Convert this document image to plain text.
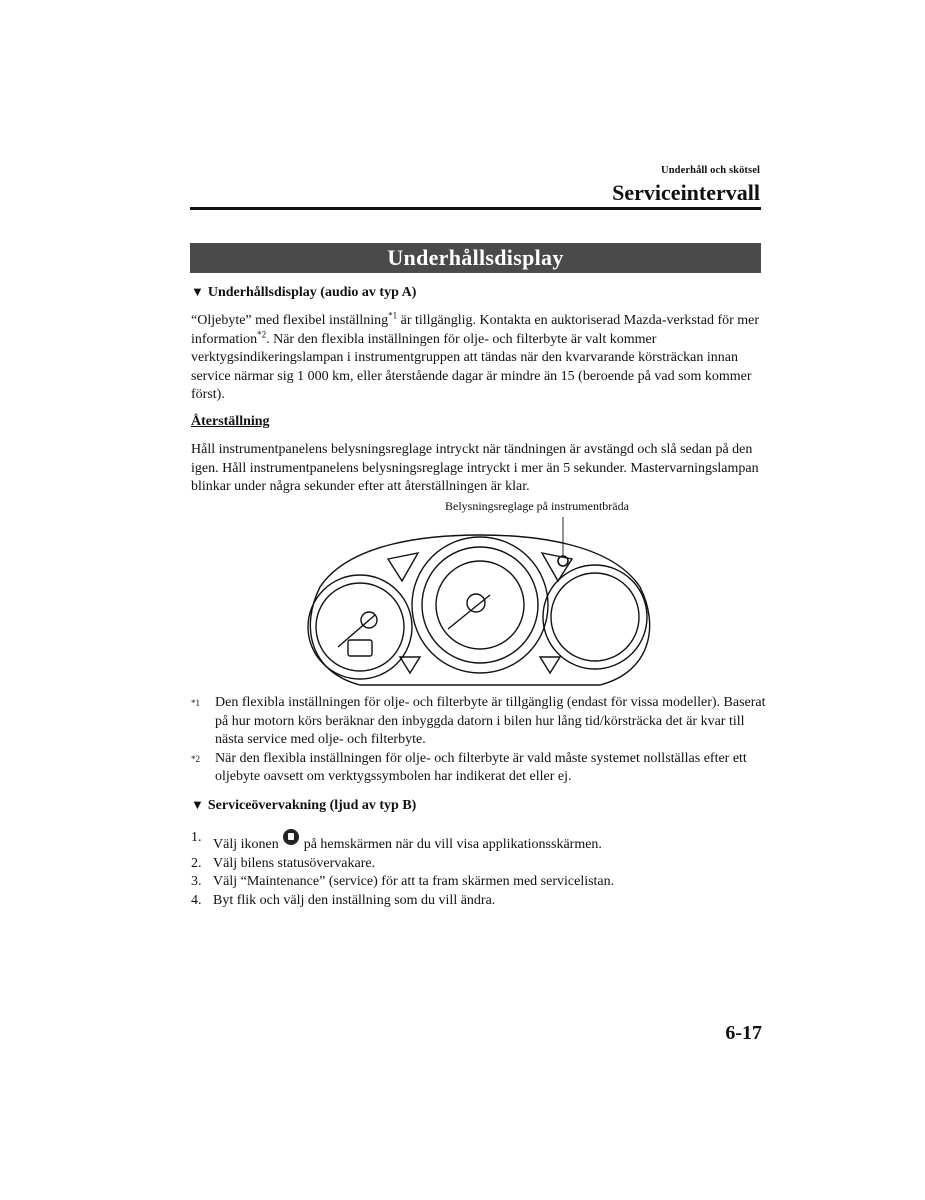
Underhåll och skötsel
Serviceintervall
Underhållsdisplay
▼ Underhållsdisplay (audio av typ A)
“Oljebyte” med flexibel inställning$^{*1}$ är tillgänglig. Kontakta en auktoriserad Mazda-verkstad för mer information$^{*2}$. När den flexibla inställningen för olje- och filterbyte är valt kommer verktygsindikeringslampan i instrumentgruppen att tändas när den kvarvarande körsträckan innan service närmar sig 1 000 km, eller återstående dagar är mindre än 15 (beroende på vad som kommer först).
Återställning
Håll instrumentpanelens belysningsreglage intryckt när tändningen är avstängd och slå sedan på den igen. Håll instrumentpanelens belysningsreglage intryckt i mer än 5 sekunder. Mastervarningslampan blinkar under några sekunder efter att återställningen är klar.
Belysningsreglage på instrumentbräda
$^{*1}$ Den flexibla inställningen för olje- och filterbyte är tillgänglig (endast för vissa modeller). Baserat på hur motorn körs beräknar den inbyggda datorn i bilen hur lång tid/körsträcka det är kvar till nästa service med olje- och filterbyte.
$^{*2}$ När den flexibla inställningen för olje- och filterbyte är vald måste systemet nollställas efter ett oljebyte oavsett om verktygssymbolen har indikerat det eller ej.
▼ Serviceövervakning (ljud av typ B)
1. Välj ikonen
på hemskärmen när du vill visa applikationsskärmen.
2. Välj bilens statusövervakare.
3. Välj “Maintenance” (service) för att ta fram skärmen med servicelistan.
4. Byt flik och välj den inställning som du vill ändra.
6-17
